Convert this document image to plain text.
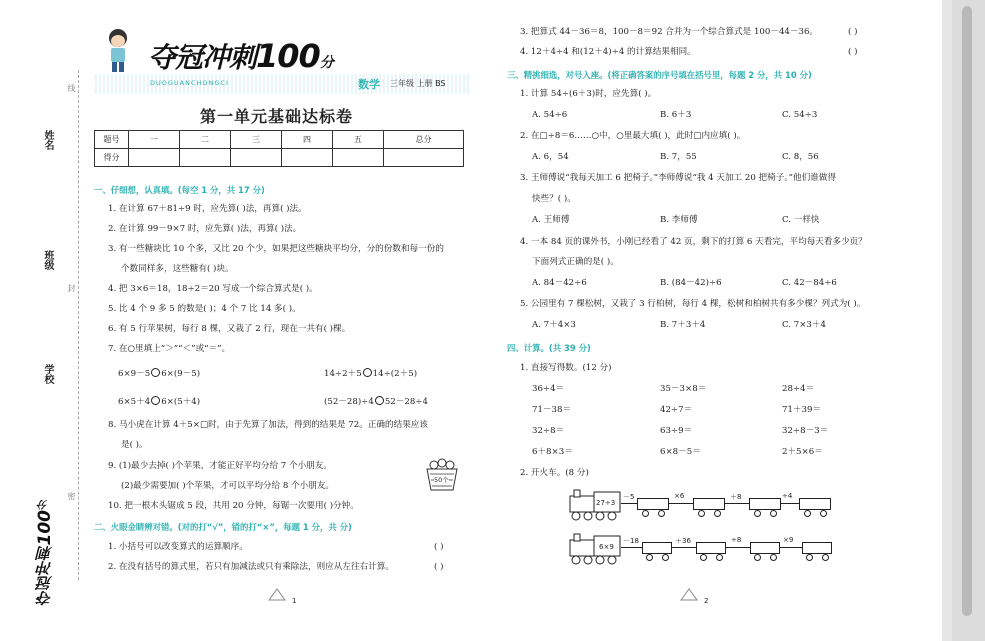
线
姓名
班级
封
学校
密
夺冠冲刺100分
夺冠冲刺100分
DUOGUANCHONGCI	数学 三年级 上册 BS
第一单元基础达标卷
题号	一	二	三	四	五	总分
得分						
一、仔细想，认真填。(每空 1 分，共 17 分)
1. 在计算 67＋81÷9 时，应先算( )法，再算( )法。
2. 在计算 99－9×7 时，应先算( )法，再算( )法。
3. 有一些糖块比 10 个多，又比 20 个少，如果把这些糖块平均分，分的份数和每一份的
个数同样多，这些糖有( )块。
4. 把 3×6＝18，18÷2＝20 写成一个综合算式是( )。
5. 比 4 个 9 多 5 的数是( )；4 个 7 比 14 多( )。
6. 有 5 行苹果树，每行 8 棵，又栽了 2 行，现在一共有( )棵。
7. 在○里填上“＞”“＜”或“＝”。
6×9－5 6×(9－5)	14÷2＋5 14÷(2＋5)
6×5＋4 6×(5＋4)	(52－28)÷4 52－28÷4
8. 马小虎在计算 4＋5×□时，由于先算了加法，得到的结果是 72。正确的结果应该
是( )。
9. (1)最少去掉( )个苹果，才能正好平均分给 7 个小朋友。
(2)最少需要加( )个苹果，才可以平均分给 8 个小朋友。
50个
10. 把一根木头锯成 5 段，共用 20 分钟，每锯一次要用( )分钟。
二、火眼金睛辨对错。(对的打“√”，错的打“×”，每题 1 分，共 分)
1. 小括号可以改变算式的运算顺序。	( )
2. 在没有括号的算式里，若只有加减法或只有乘除法，则应从左往右计算。	( )
1
3. 把算式 44－36＝8，100－8＝92 合并为一个综合算式是 100－44－36。	( )
4. 12＋4÷4 和(12＋4)÷4 的计算结果相同。	( )
三、精挑细选，对号入座。(将正确答案的序号填在括号里，每题 2 分，共 10 分)
1. 计算 54÷(6＋3)时，应先算( )。
A. 54÷6	B. 6＋3	C. 54÷3
2. 在□÷8＝6……○中，○里最大填( )，此时□内应填( )。
A. 6，54	B. 7，55	C. 8，56
3. 王师傅说“我每天加工 6 把椅子。”李师傅说“我 4 天加工 20 把椅子。”他们谁做得
快些？( )。
A. 王师傅	B. 李师傅	C. 一样快
4. 一本 84 页的课外书，小刚已经看了 42 页，剩下的打算 6 天看完，平均每天看多少页？
下面列式正确的是( )。
A. 84－42÷6	B. (84－42)÷6	C. 42－84÷6
5. 公园里有 7 棵松树，又栽了 3 行柏树，每行 4 棵，松树和柏树共有多少棵？列式为( )。
A. 7＋4×3	B. 7＋3＋4	C. 7×3＋4
四、计算。(共 39 分)
1. 直接写得数。(12 分)
36÷4＝	35－3×8＝	28÷4＝
71－38＝	42÷7＝	71＋39＝
32÷8＝	63÷9＝	32÷8－3＝
6＋8×3＝	6×8－5＝	2＋5×6＝
2. 开火车。(8 分)
27÷3
－5	×6	＋8	÷4
6×9
－18	＋36	÷8	×9
2
